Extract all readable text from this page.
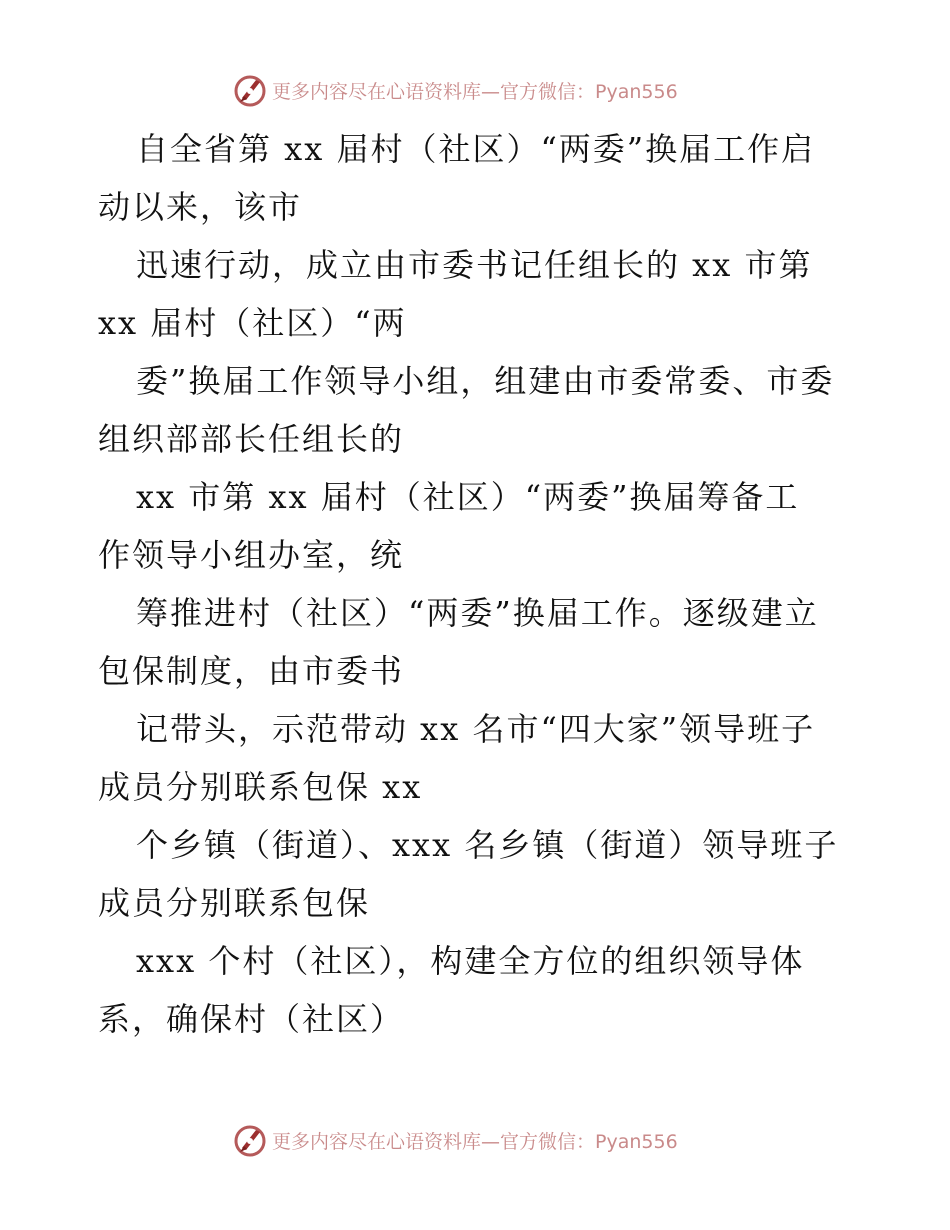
更多内容尽在心语资料库—官方微信：Pyan556

自全省第 xx 届村（社区）“两委”换届工作启
动以来，该市

迅速行动，成立由市委书记任组长的 xx 市第
xx 届村（社区）“两

委”换届工作领导小组，组建由市委常委、市委
组织部部长任组长的

xx 市第 xx 届村（社区）“两委”换届筹备工
作领导小组办室，统

筹推进村（社区）“两委”换届工作。逐级建立
包保制度，由市委书

记带头，示范带动 xx 名市“四大家”领导班子
成员分别联系包保 xx

个乡镇（街道）、xxx 名乡镇（街道）领导班子
成员分别联系包保

xxx 个村（社区），构建全方位的组织领导体
系，确保村（社区）

更多内容尽在心语资料库—官方微信：Pyan556
